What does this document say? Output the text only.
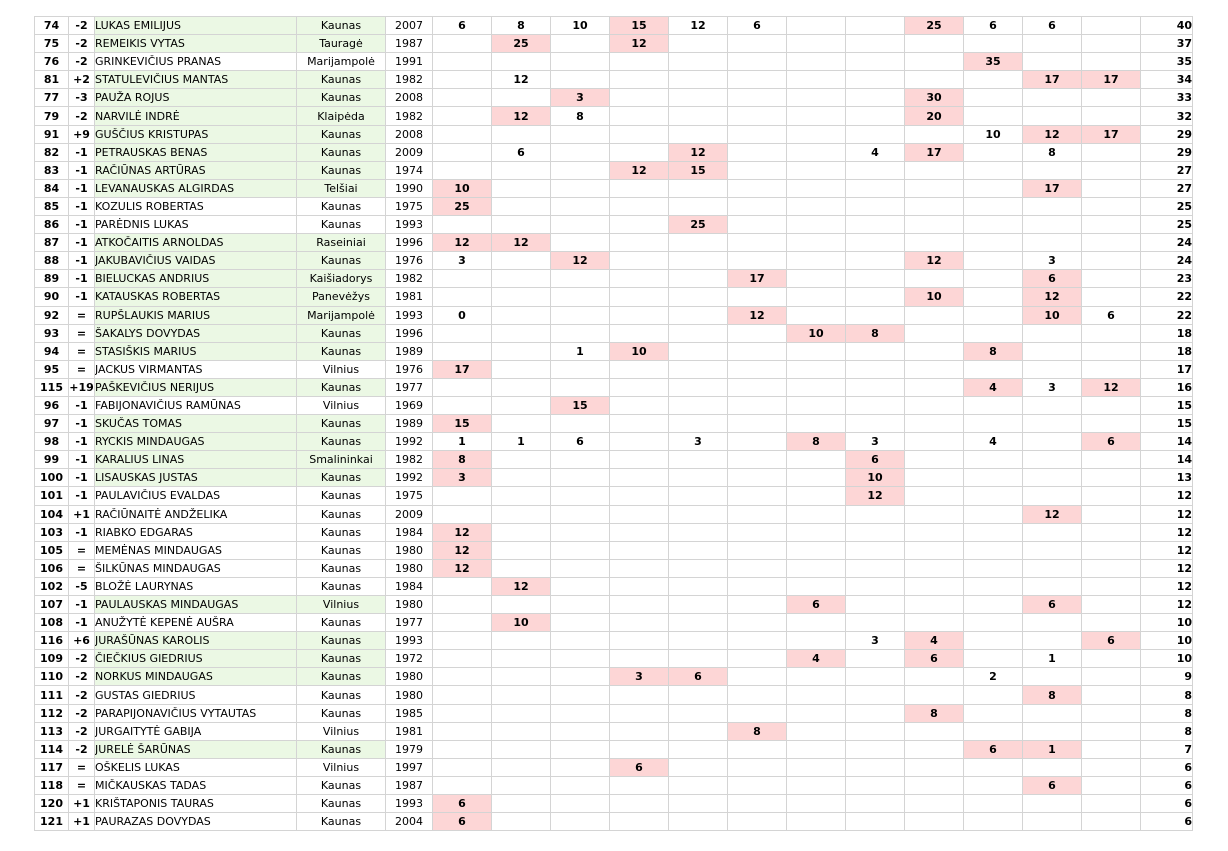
74	-2	LUKAS EMILIJUS	Kaunas	2007	6	8	10	15	12	6			25	6	6		40
75	-2	REMEIKIS VYTAS	Tauragė	1987		25		12									37
76	-2	GRINKEVIČIUS PRANAS	Marijampolė	1991										35			35
81	+2	STATULEVIČIUS MANTAS	Kaunas	1982		12									17	17	34
77	-3	PAUŽA ROJUS	Kaunas	2008			3						30				33
79	-2	NARVILĖ INDRĖ	Klaipėda	1982		12	8						20				32
91	+9	GUŠČIUS KRISTUPAS	Kaunas	2008										10	12	17	29
82	-1	PETRAUSKAS BENAS	Kaunas	2009		6			12			4	17		8		29
83	-1	RAČIŪNAS ARTŪRAS	Kaunas	1974				12	15								27
84	-1	LEVANAUSKAS ALGIRDAS	Telšiai	1990	10										17		27
85	-1	KOZULIS ROBERTAS	Kaunas	1975	25												25
86	-1	PARĖDNIS LUKAS	Kaunas	1993					25								25
87	-1	ATKOČAITIS ARNOLDAS	Raseiniai	1996	12	12											24
88	-1	JAKUBAVIČIUS VAIDAS	Kaunas	1976	3		12						12		3		24
89	-1	BIELUCKAS ANDRIUS	Kaišiadorys	1982						17					6		23
90	-1	KATAUSKAS ROBERTAS	Panevėžys	1981									10		12		22
92	=	RUPŠLAUKIS MARIUS	Marijampolė	1993	0					12					10	6	22
93	=	ŠAKALYS DOVYDAS	Kaunas	1996							10	8					18
94	=	STASIŠKIS MARIUS	Kaunas	1989			1	10						8			18
95	=	JACKUS VIRMANTAS	Vilnius	1976	17												17
115	+19	PAŠKEVIČIUS NERIJUS	Kaunas	1977										4	3	12	16
96	-1	FABIJONAVIČIUS RAMŪNAS	Vilnius	1969			15										15
97	-1	SKUČAS TOMAS	Kaunas	1989	15												15
98	-1	RYCKIS MINDAUGAS	Kaunas	1992	1	1	6		3		8	3		4		6	14
99	-1	KARALIUS LINAS	Smalininkai	1982	8							6					14
100	-1	LISAUSKAS JUSTAS	Kaunas	1992	3							10					13
101	-1	PAULAVIČIUS EVALDAS	Kaunas	1975								12					12
104	+1	RAČIŪNAITĖ ANDŽELIKA	Kaunas	2009											12		12
103	-1	RIABKO EDGARAS	Kaunas	1984	12												12
105	=	MEMĖNAS MINDAUGAS	Kaunas	1980	12												12
106	=	ŠILKŪNAS MINDAUGAS	Kaunas	1980	12												12
102	-5	BLOŽĖ LAURYNAS	Kaunas	1984		12											12
107	-1	PAULAUSKAS MINDAUGAS	Vilnius	1980							6				6		12
108	-1	ANUŽYTĖ KEPENĖ AUŠRA	Kaunas	1977		10											10
116	+6	JURAŠŪNAS KAROLIS	Kaunas	1993								3	4			6	10
109	-2	ČIEČKIUS GIEDRIUS	Kaunas	1972							4		6		1		10
110	-2	NORKUS MINDAUGAS	Kaunas	1980				3	6					2			9
111	-2	GUSTAS GIEDRIUS	Kaunas	1980											8		8
112	-2	PARAPIJONAVIČIUS VYTAUTAS	Kaunas	1985									8				8
113	-2	JURGAITYTĖ GABIJA	Vilnius	1981						8							8
114	-2	JURELĖ ŠARŪNAS	Kaunas	1979										6	1		7
117	=	OŠKELIS LUKAS	Vilnius	1997				6									6
118	=	MIČKAUSKAS TADAS	Kaunas	1987											6		6
120	+1	KRIŠTAPONIS TAURAS	Kaunas	1993	6												6
121	+1	PAURAZAS DOVYDAS	Kaunas	2004	6												6
